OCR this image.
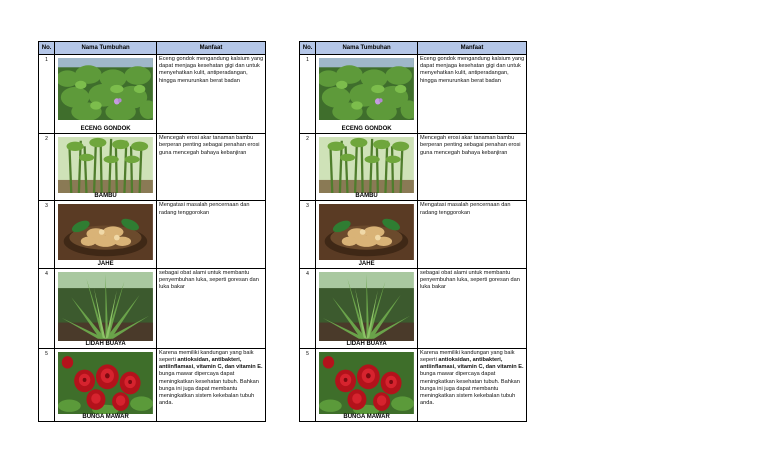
No.	Nama Tumbuhan	Manfaat
1	ECENG GONDOK	Eceng gondok mengandung kalsium yang dapat menjaga kesehatan gigi dan untuk menyehatkan kulit, antiperadangan, hingga menurunkan berat badan
2	BAMBU	Mencegah erosi akar tanaman bambu berperan penting sebagai penahan erosi guna mencegah bahaya kebanjiran
3	JAHE	Mengatasi masalah pencernaan dan radang tenggorokan
4	LIDAH BUAYA	sebagai obat alami untuk membantu penyembuhan luka, seperti goresan dan luka bakar
5	BUNGA MAWAR	Karena memiliki kandungan yang baik seperti antioksidan, antibakteri, antiinflamasi, vitamin C, dan vitamin E. bunga mawar dipercaya dapat meningkatkan kesehatan tubuh. Bahkan bunga ini juga dapat membantu meningkatkan sistem kekebalan tubuh anda.
No.	Nama Tumbuhan	Manfaat
1	ECENG GONDOK	Eceng gondok mengandung kalsium yang dapat menjaga kesehatan gigi dan untuk menyehatkan kulit, antiperadangan, hingga menurunkan berat badan
2	BAMBU	Mencegah erosi akar tanaman bambu berperan penting sebagai penahan erosi guna mencegah bahaya kebanjiran
3	JAHE	Mengatasi masalah pencernaan dan radang tenggorokan
4	LIDAH BUAYA	sebagai obat alami untuk membantu penyembuhan luka, seperti goresan dan luka bakar
5	BUNGA MAWAR	Karena memiliki kandungan yang baik seperti antioksidan, antibakteri, antiinflamasi, vitamin C, dan vitamin E. bunga mawar dipercaya dapat meningkatkan kesehatan tubuh. Bahkan bunga ini juga dapat membantu meningkatkan sistem kekebalan tubuh anda.
